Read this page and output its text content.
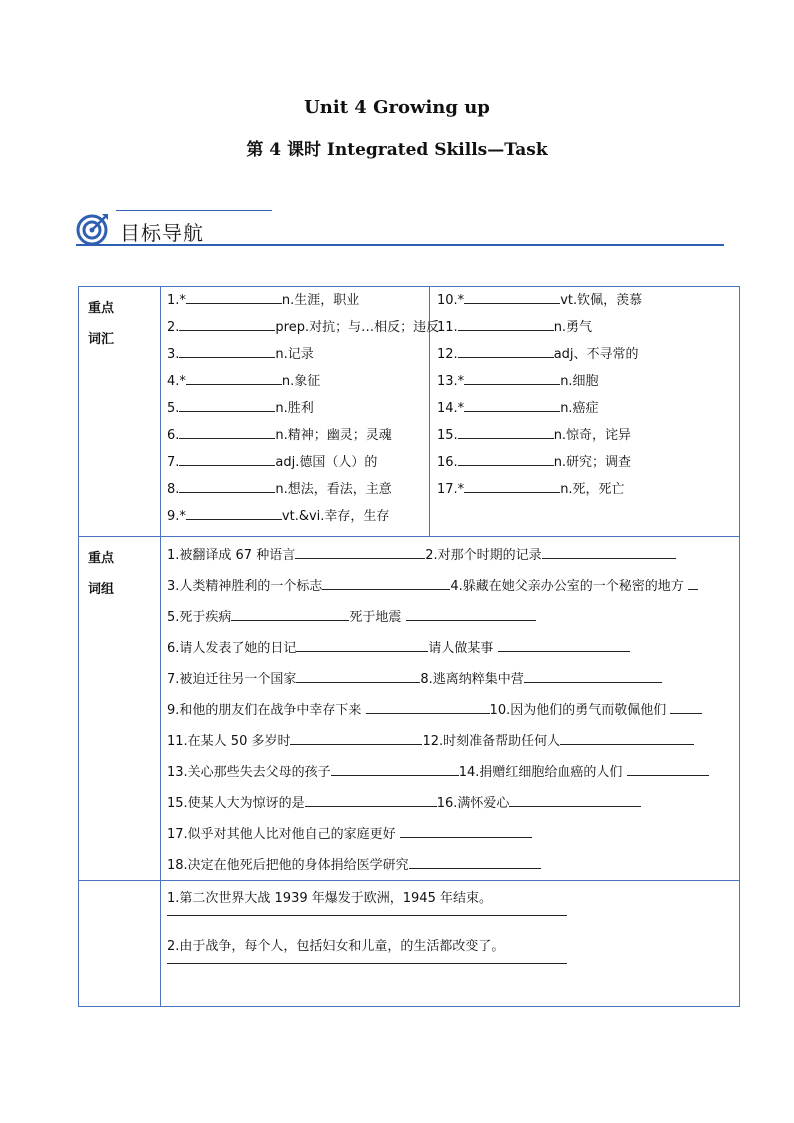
Unit 4 Growing up
第 4 课时 Integrated Skills—Task
目标导航
重点
词汇
1.*	n.生涯，职业
2.	prep.对抗；与…相反；违反
3.	n.记录
4.*	n.象征
5.	n.胜利
6.	n.精神；幽灵；灵魂
7.	adj.德国（人）的
8.	n.想法，看法，主意
9.*	vt.&vi.幸存，生存
10.*	vt.钦佩，羡慕
11.	n.勇气
12.	adj、不寻常的
13.*	n.细胞
14.*	n.癌症
15.	n.惊奇，诧异
16.	n.研究；调查
17.*	n.死，死亡
重点
词组
1.被翻译成 67 种语言	2.对那个时期的记录
3.人类精神胜利的一个标志	4.躲藏在她父亲办公室的一个秘密的地方
5.死于疾病	死于地震
6.请人发表了她的日记	请人做某事
7.被迫迁往另一个国家	8.逃离纳粹集中营
9.和他的朋友们在战争中幸存下来	10.因为他们的勇气而敬佩他们
11.在某人 50 多岁时	12.时刻准备帮助任何人
13.关心那些失去父母的孩子	14.捐赠红细胞给血癌的人们
15.使某人大为惊讶的是	16.满怀爱心
17.似乎对其他人比对他自己的家庭更好
18.决定在他死后把他的身体捐给医学研究
1.第二次世界大战 1939 年爆发于欧洲，1945 年结束。
2.由于战争，每个人，包括妇女和儿童，的生活都改变了。
